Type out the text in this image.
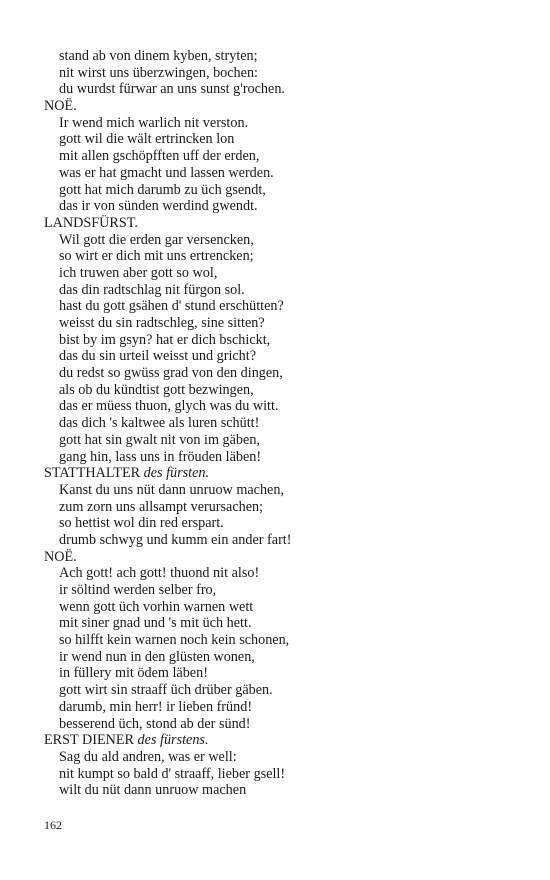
stand ab von dinem kyben, stryten;
nit wirst uns überzwingen, bochen:
du wurdst fürwar an uns sunst g'rochen.
NOË.
Ir wend mich warlich nit verston.
gott wil die wält ertrincken lon
mit allen gschöpfften uff der erden,
was er hat gmacht und lassen werden.
gott hat mich darumb zu üch gsendt,
das ir von sünden werdind gwendt.
LANDSFÜRST.
Wil gott die erden gar versencken,
so wirt er dich mit uns ertrencken;
ich truwen aber gott so wol,
das din radtschlag nit fürgon sol.
hast du gott gsähen d' stund erschütten?
weisst du sin radtschleg, sine sitten?
bist by im gsyn? hat er dich bschickt,
das du sin urteil weisst und gricht?
du redst so gwüss grad von den dingen,
als ob du kündtist gott bezwingen,
das er müess thuon, glych was du witt.
das dich 's kaltwee als luren schütt!
gott hat sin gwalt nit von im gäben,
gang hin, lass uns in fröuden läben!
STATTHALTER des fürsten.
Kanst du uns nüt dann unruow machen,
zum zorn uns allsampt verursachen;
so hettist wol din red erspart.
drumb schwyg und kumm ein ander fart!
NOË.
Ach gott! ach gott! thuond nit also!
ir söltind werden selber fro,
wenn gott üch vorhin warnen wett
mit siner gnad und 's mit üch hett.
so hilfft kein warnen noch kein schonen,
ir wend nun in den glüsten wonen,
in füllery mit ödem läben!
gott wirt sin straaff üch drüber gäben.
darumb, min herr! ir lieben fründ!
besserend üch, stond ab der sünd!
ERST DIENER des fürstens.
Sag du ald andren, was er well:
nit kumpt so bald d' straaff, lieber gsell!
wilt du nüt dann unruow machen
162
